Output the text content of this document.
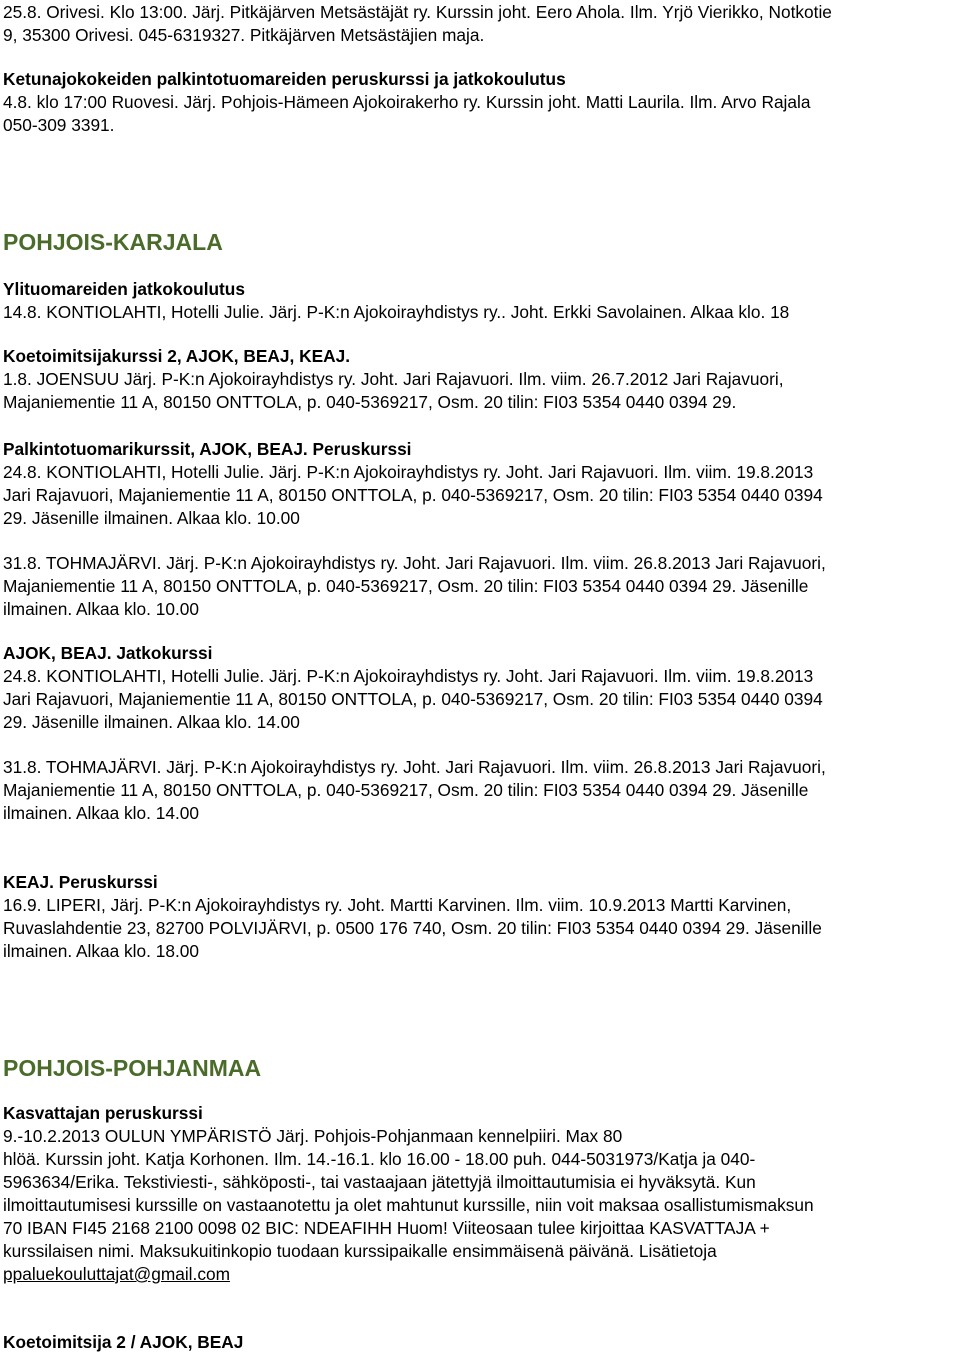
25.8. Orivesi. Klo 13:00. Järj. Pitkäjärven Metsästäjät ry. Kurssin joht. Eero Ahola. Ilm. Yrjö Vierikko, Notkotie
9, 35300 Orivesi. 045-6319327. Pitkäjärven Metsästäjien maja.
Ketunajokokeiden palkintotuomareiden peruskurssi ja jatkokoulutus
4.8. klo 17:00 Ruovesi. Järj. Pohjois-Hämeen Ajokoirakerho ry. Kurssin joht. Matti Laurila. Ilm. Arvo Rajala
050-309 3391.
POHJOIS-KARJALA
Ylituomareiden jatkokoulutus
14.8. KONTIOLAHTI, Hotelli Julie. Järj. P-K:n Ajokoirayhdistys ry.. Joht. Erkki Savolainen. Alkaa klo. 18
Koetoimitsijakurssi 2, AJOK, BEAJ, KEAJ.
1.8. JOENSUU Järj. P-K:n Ajokoirayhdistys ry. Joht. Jari Rajavuori. Ilm. viim. 26.7.2012 Jari Rajavuori,
Majaniementie 11 A, 80150 ONTTOLA, p. 040-5369217, Osm. 20 tilin: FI03 5354 0440 0394 29.
Palkintotuomarikurssit, AJOK, BEAJ. Peruskurssi
24.8. KONTIOLAHTI, Hotelli Julie. Järj. P-K:n Ajokoirayhdistys ry. Joht. Jari Rajavuori. Ilm. viim. 19.8.2013
Jari Rajavuori, Majaniementie 11 A, 80150 ONTTOLA, p. 040-5369217, Osm. 20 tilin: FI03 5354 0440 0394
29. Jäsenille ilmainen. Alkaa klo. 10.00
31.8. TOHMAJÄRVI. Järj. P-K:n Ajokoirayhdistys ry. Joht. Jari Rajavuori. Ilm. viim. 26.8.2013 Jari Rajavuori,
Majaniementie 11 A, 80150 ONTTOLA, p. 040-5369217, Osm. 20 tilin: FI03 5354 0440 0394 29. Jäsenille
ilmainen. Alkaa klo. 10.00
AJOK, BEAJ. Jatkokurssi
24.8. KONTIOLAHTI, Hotelli Julie. Järj. P-K:n Ajokoirayhdistys ry. Joht. Jari Rajavuori. Ilm. viim. 19.8.2013
Jari Rajavuori, Majaniementie 11 A, 80150 ONTTOLA, p. 040-5369217, Osm. 20 tilin: FI03 5354 0440 0394
29. Jäsenille ilmainen. Alkaa klo. 14.00
31.8. TOHMAJÄRVI. Järj. P-K:n Ajokoirayhdistys ry. Joht. Jari Rajavuori. Ilm. viim. 26.8.2013 Jari Rajavuori,
Majaniementie 11 A, 80150 ONTTOLA, p. 040-5369217, Osm. 20 tilin: FI03 5354 0440 0394 29. Jäsenille
ilmainen. Alkaa klo. 14.00
KEAJ. Peruskurssi
16.9. LIPERI, Järj. P-K:n Ajokoirayhdistys ry. Joht. Martti Karvinen. Ilm. viim. 10.9.2013 Martti Karvinen,
Ruvaslahdentie 23, 82700 POLVIJÄRVI, p. 0500 176 740, Osm. 20 tilin: FI03 5354 0440 0394 29. Jäsenille
ilmainen. Alkaa klo. 18.00
POHJOIS-POHJANMAA
Kasvattajan peruskurssi
9.-10.2.2013 OULUN YMPÄRISTÖ Järj. Pohjois-Pohjanmaan kennelpiiri. Max 80
hlöä. Kurssin joht. Katja Korhonen. Ilm. 14.-16.1. klo 16.00 - 18.00 puh. 044-5031973/Katja ja 040-
5963634/Erika. Tekstiviesti-, sähköposti-, tai vastaajaan jätettyjä ilmoittautumisia ei hyväksytä. Kun
ilmoittautumisesi kurssille on vastaanotettu ja olet mahtunut kurssille, niin voit maksaa osallistumismaksun
70 IBAN FI45 2168 2100 0098 02 BIC: NDEAFIHH Huom! Viiteosaan tulee kirjoittaa KASVATTAJA +
kurssilaisen nimi. Maksukuitinkopio tuodaan kurssipaikalle ensimmäisenä päivänä. Lisätietoja
ppaluekouluttajat@gmail.com
Koetoimitsija 2 / AJOK, BEAJ
